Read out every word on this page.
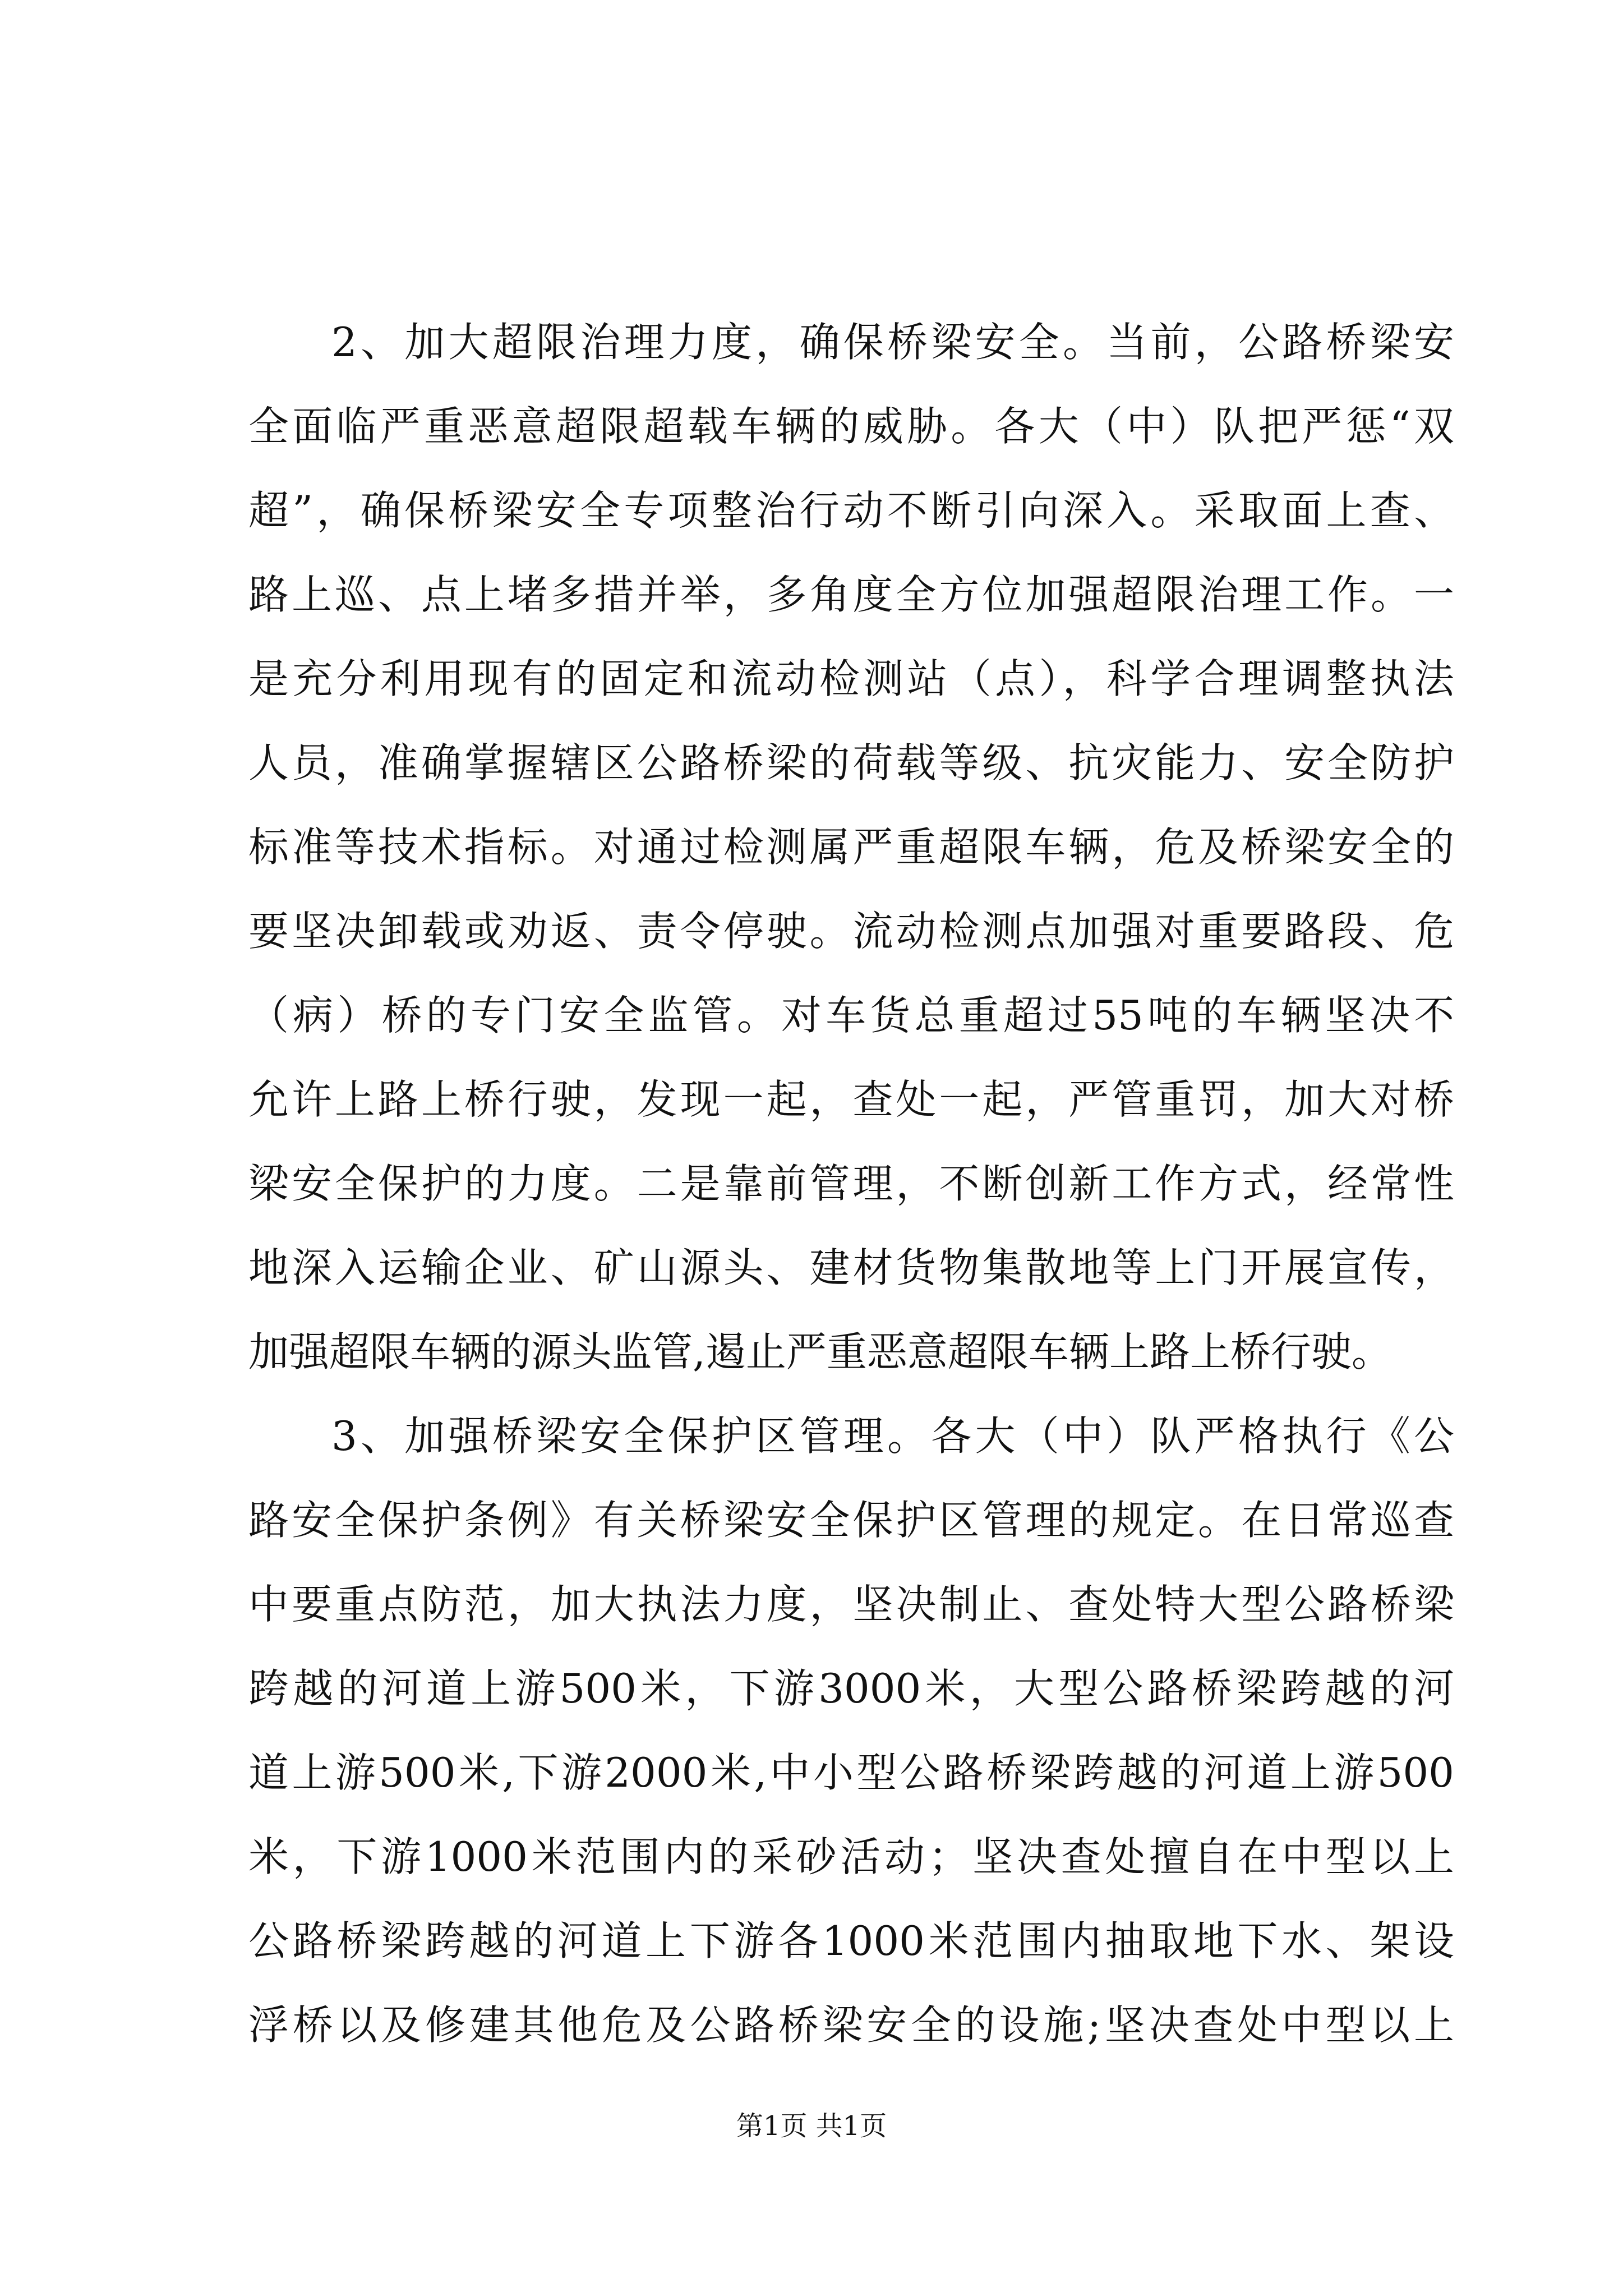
2、加大超限治理力度，确保桥梁安全。当前，公路桥梁安
全面临严重恶意超限超载车辆的威胁。各大（中）队把严惩“双
超”，确保桥梁安全专项整治行动不断引向深入。采取面上查、
路上巡、点上堵多措并举，多角度全方位加强超限治理工作。一
是充分利用现有的固定和流动检测站（点），科学合理调整执法
人员，准确掌握辖区公路桥梁的荷载等级、抗灾能力、安全防护
标准等技术指标。对通过检测属严重超限车辆，危及桥梁安全的
要坚决卸载或劝返、责令停驶。流动检测点加强对重要路段、危
（病）桥的专门安全监管。对车货总重超过55吨的车辆坚决不
允许上路上桥行驶，发现一起，查处一起，严管重罚，加大对桥
梁安全保护的力度。二是靠前管理，不断创新工作方式，经常性
地深入运输企业、矿山源头、建材货物集散地等上门开展宣传，
加强超限车辆的源头监管,遏止严重恶意超限车辆上路上桥行驶。
3、加强桥梁安全保护区管理。各大（中）队严格执行《公
路安全保护条例》有关桥梁安全保护区管理的规定。在日常巡查
中要重点防范，加大执法力度，坚决制止、查处特大型公路桥梁
跨越的河道上游500米，下游3000米，大型公路桥梁跨越的河
道上游500米,下游2000米,中小型公路桥梁跨越的河道上游500
米，下游1000米范围内的采砂活动；坚决查处擅自在中型以上
公路桥梁跨越的河道上下游各1000米范围内抽取地下水、架设
浮桥以及修建其他危及公路桥梁安全的设施;坚决查处中型以上
第1页 共1页
